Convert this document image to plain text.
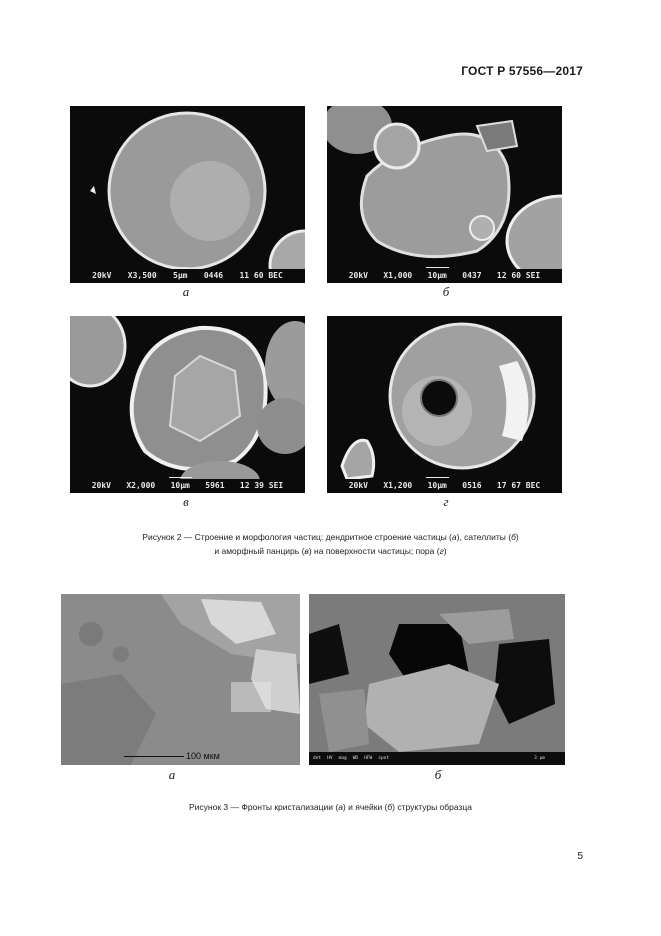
ГОСТ Р 57556—2017
20kV X3,500 5µm 0446 11 60 BEC
а
20kV X1,000 10µm 0437 12 60 SEI
б
20kV X2,000 10µm 5961 12 39 SEI
в
20kV X1,200 10µm 0516 17 67 BEC
г
Рисунок 2 — Строение и морфология частиц: дендритное строение частицы (а), сателлиты (б)
и аморфный панцирь (в) на поверхности частицы; пора (г)
100 мкм
а
det HV mag WD HFW spot	3 µm
б
Рисунок 3 — Фронты кристализации (а) и ячейки (б) структуры образца
5
